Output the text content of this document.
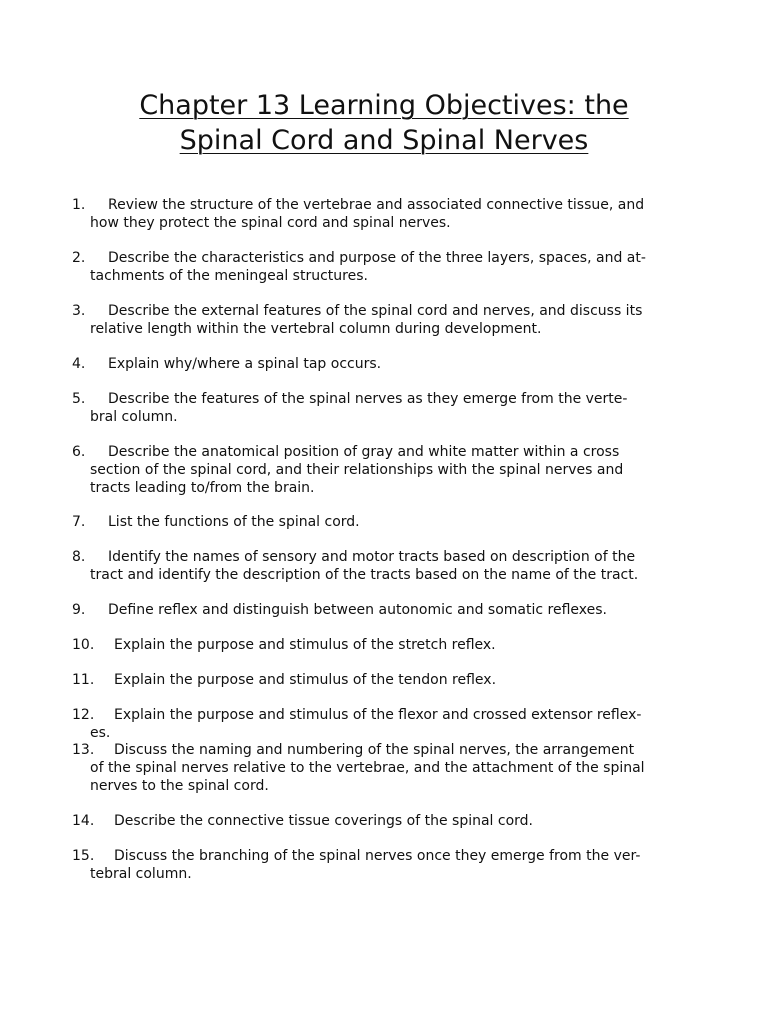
Chapter 13 Learning Objectives: the
Spinal Cord and Spinal Nerves
1. Review the structure of the vertebrae and associated connective tissue, and
how they protect the spinal cord and spinal nerves.
2. Describe the characteristics and purpose of the three layers, spaces, and at-
tachments of the meningeal structures.
3. Describe the external features of the spinal cord and nerves, and discuss its
relative length within the vertebral column during development.
4. Explain why/where a spinal tap occurs.
5. Describe the features of the spinal nerves as they emerge from the verte-
bral column.
6. Describe the anatomical position of gray and white matter within a cross
section of the spinal cord, and their relationships with the spinal nerves and
tracts leading to/from the brain.
7. List the functions of the spinal cord.
8. Identify the names of sensory and motor tracts based on description of the
tract and identify the description of the tracts based on the name of the tract.
9. Define reflex and distinguish between autonomic and somatic reflexes.
10. Explain the purpose and stimulus of the stretch reflex.
11. Explain the purpose and stimulus of the tendon reflex.
12. Explain the purpose and stimulus of the flexor and crossed extensor reflex-
es.
13. Discuss the naming and numbering of the spinal nerves, the arrangement
of the spinal nerves relative to the vertebrae, and the attachment of the spinal
nerves to the spinal cord.
14. Describe the connective tissue coverings of the spinal cord.
15. Discuss the branching of the spinal nerves once they emerge from the ver-
tebral column.
